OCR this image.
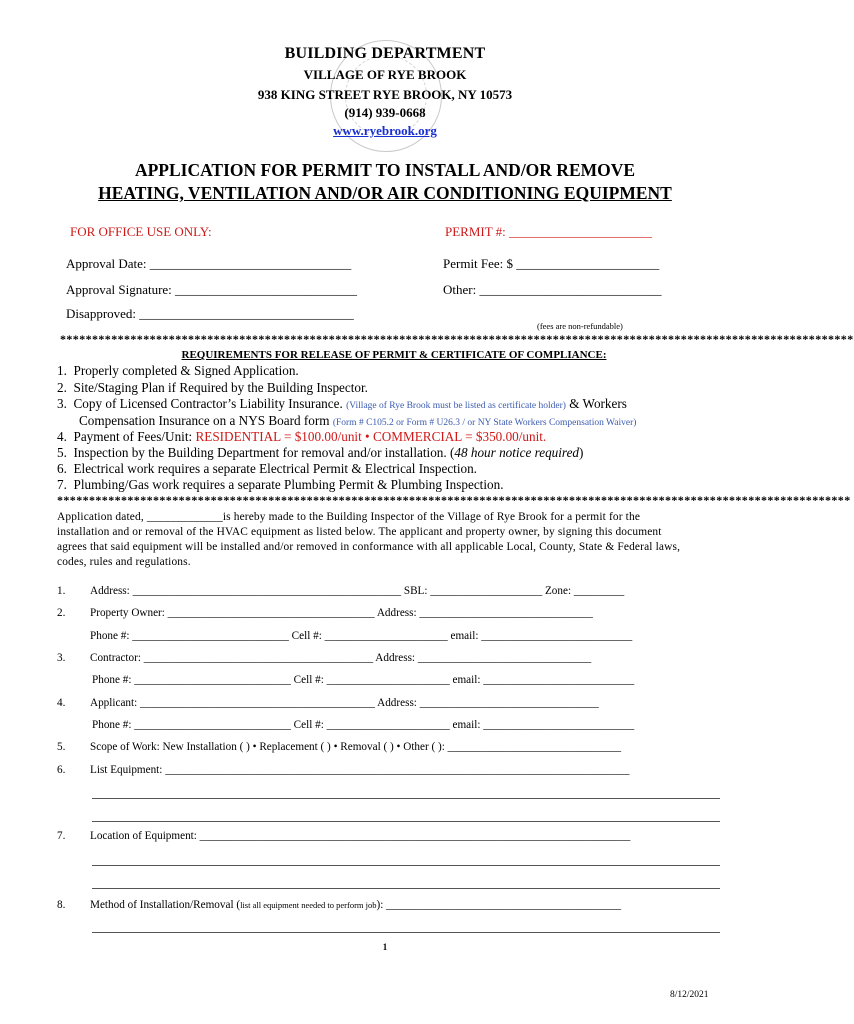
BUILDING DEPARTMENT
VILLAGE OF RYE BROOK
938 KING STREET RYE BROOK, NY 10573
(914) 939-0668
www.ryebrook.org
APPLICATION FOR PERMIT TO INSTALL AND/OR REMOVE
HEATING, VENTILATION AND/OR AIR CONDITIONING EQUIPMENT
FOR OFFICE USE ONLY:	PERMIT #: ______________________
Approval Date: _______________________________	Permit Fee: $ ______________________
Approval Signature: ____________________________	Other: ____________________________
Disapproved: _________________________________
(fees are non-refundable)
****************************************************************************************************************************
REQUIREMENTS FOR RELEASE OF PERMIT & CERTIFICATE OF COMPLIANCE:
1. Properly completed & Signed Application.
2. Site/Staging Plan if Required by the Building Inspector.
3. Copy of Licensed Contractor’s Liability Insurance. (Village of Rye Brook must be listed as certificate holder) & Workers
Compensation Insurance on a NYS Board form (Form # C105.2 or Form # U26.3 / or NY State Workers Compensation Waiver)
4. Payment of Fees/Unit: RESIDENTIAL = $100.00/unit • COMMERCIAL = $350.00/unit.
5. Inspection by the Building Department for removal and/or installation. (48 hour notice required)
6. Electrical work requires a separate Electrical Permit & Electrical Inspection.
7. Plumbing/Gas work requires a separate Plumbing Permit & Plumbing Inspection.
****************************************************************************************************************************
Application dated, _____________is hereby made to the Building Inspector of the Village of Rye Brook for a permit for the
installation and or removal of the HVAC equipment as listed below. The applicant and property owner, by signing this document
agrees that said equipment will be installed and/or removed in conformance with all applicable Local, County, State & Federal laws,
codes, rules and regulations.
1. Address: ________________________________________________ SBL: ____________________ Zone: _________
2. Property Owner: _____________________________________ Address: _______________________________
Phone #: ____________________________ Cell #: ______________________ email: ___________________________
3. Contractor: _________________________________________ Address: _______________________________
Phone #: ____________________________ Cell #: ______________________ email: ___________________________
4. Applicant: __________________________________________ Address: ________________________________
Phone #: ____________________________ Cell #: ______________________ email: ___________________________
5. Scope of Work: New Installation ( ) • Replacement ( ) • Removal ( ) • Other ( ): _______________________________
6. List Equipment: ___________________________________________________________________________________
7. Location of Equipment: _____________________________________________________________________________
8. Method of Installation/Removal (list all equipment needed to perform job): __________________________________________
1
8/12/2021
